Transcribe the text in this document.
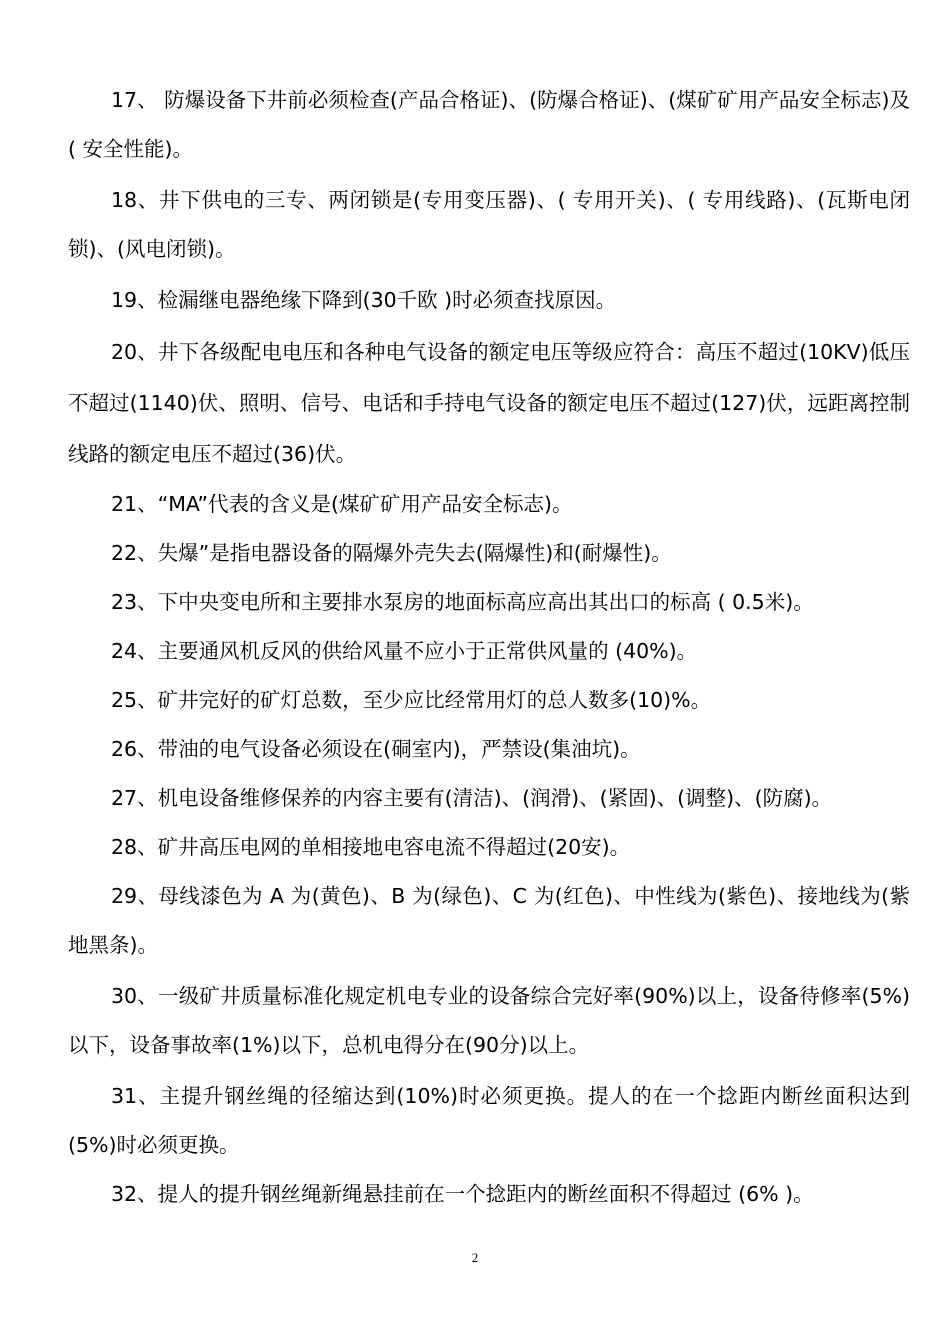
17、 防爆设备下井前必须检查(产品合格证)、(防爆合格证)、(煤矿矿用产品安全标志)及( 安全性能)。

18、井下供电的三专、两闭锁是(专用变压器)、( 专用开关)、( 专用线路)、(瓦斯电闭锁)、(风电闭锁)。

19、检漏继电器绝缘下降到(30千欧 )时必须查找原因。

20、井下各级配电电压和各种电气设备的额定电压等级应符合：高压不超过(10KV)低压不超过(1140)伏、照明、信号、电话和手持电气设备的额定电压不超过(127)伏，远距离控制线路的额定电压不超过(36)伏。

21、“MA”代表的含义是(煤矿矿用产品安全标志)。

22、失爆”是指电器设备的隔爆外壳失去(隔爆性)和(耐爆性)。

23、下中央变电所和主要排水泵房的地面标高应高出其出口的标高 ( 0.5米)。

24、主要通风机反风的供给风量不应小于正常供风量的 (40%)。

25、矿井完好的矿灯总数，至少应比经常用灯的总人数多(10)%。

26、带油的电气设备必须设在(硐室内)，严禁设(集油坑)。

27、机电设备维修保养的内容主要有(清洁)、(润滑)、(紧固)、(调整)、(防腐)。

28、矿井高压电网的单相接地电容电流不得超过(20安)。

29、母线漆色为 A 为(黄色)、B 为(绿色)、C 为(红色)、中性线为(紫色)、接地线为(紫地黑条)。

30、一级矿井质量标准化规定机电专业的设备综合完好率(90%)以上，设备待修率(5%)以下，设备事故率(1%)以下，总机电得分在(90分)以上。

31、主提升钢丝绳的径缩达到(10%)时必须更换。提人的在一个捻距内断丝面积达到(5%)时必须更换。

32、提人的提升钢丝绳新绳悬挂前在一个捻距内的断丝面积不得超过 (6% )。

2
